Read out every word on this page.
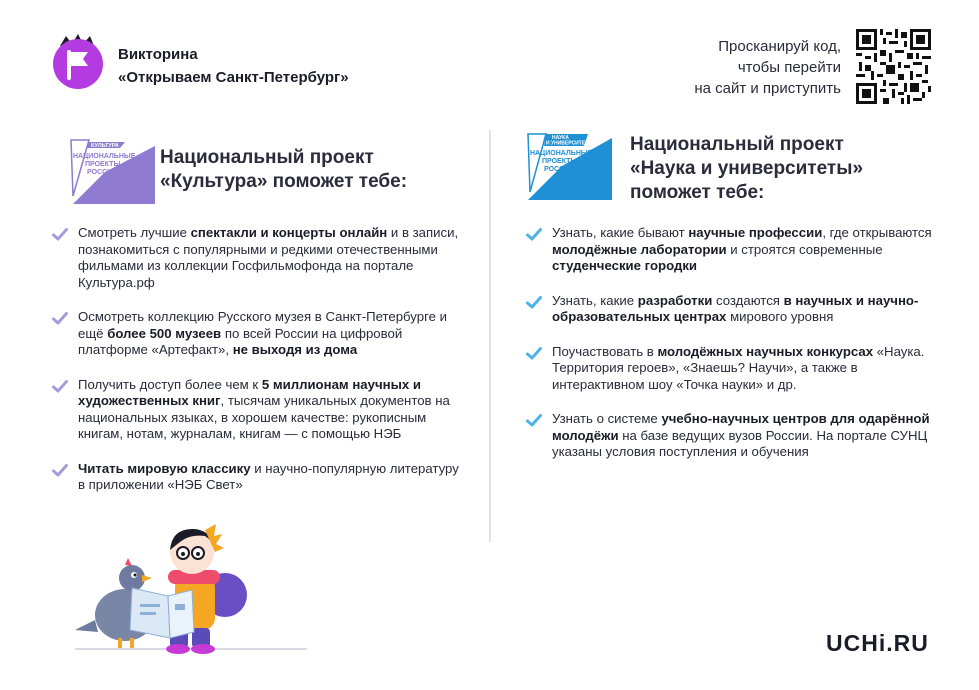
Викторина
«Открываем Санкт-Петербург»
Просканируй код,
чтобы перейти
на сайт и приступить
КУЛЬТУРА
НАЦИОНАЛЬНЫЕ
ПРОЕКТЫ
РОССИИ
Национальный проект
«Культура» поможет тебе:
НАУКА
И УНИВЕРСИТЕТЫ
НАЦИОНАЛЬНЫЕ
ПРОЕКТЫ
РОССИИ
Национальный проект
«Наука и университеты»
поможет тебе:
Смотреть лучшие спектакли и концерты онлайн и в записи, познакомиться с популярными и редкими отечественными фильмами из коллекции Госфильмофонда на портале Культура.рф
Осмотреть коллекцию Русского музея в Санкт-Петербурге и ещё более 500 музеев по всей России на цифровой платформе «Артефакт», не выходя из дома
Получить доступ более чем к 5 миллионам научных и художественных книг, тысячам уникальных документов на национальных языках, в хорошем качестве: рукописным книгам, нотам, журналам, книгам — с помощью НЭБ
Читать мировую классику и научно-популярную литературу в приложении «НЭБ Свет»
Узнать, какие бывают научные профессии, где открываются молодёжные лаборатории и строятся современные студенческие городки
Узнать, какие разработки создаются в научных и научно-образовательных центрах мирового уровня
Поучаствовать в молодёжных научных конкурсах «Наука. Территория героев», «Знаешь? Научи», а также в интерактивном шоу «Точка науки» и др.
Узнать о системе учебно-научных центров для одарённой молодёжи на базе ведущих вузов России. На портале СУНЦ указаны условия поступления и обучения
UCHi.RU
